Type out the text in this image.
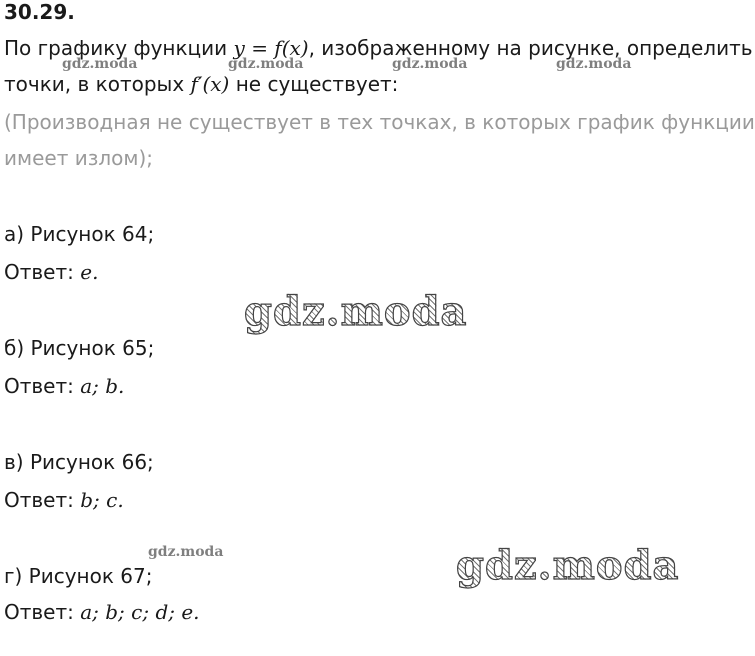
30.29.
По графику функции y = f(x), изображенному на рисунке, определить
точки, в которых f′(x) не существует:
(Производная не существует в тех точках, в которых график функции
имеет излом);
а) Рисунок 64;
Ответ: e.
б) Рисунок 65;
Ответ: a; b.
в) Рисунок 66;
Ответ: b; c.
г) Рисунок 67;
Ответ: a; b; c; d; e.
gdz.moda	gdz.moda	gdz.moda	gdz.moda
gdz.moda
gdz.moda
gdz.moda
